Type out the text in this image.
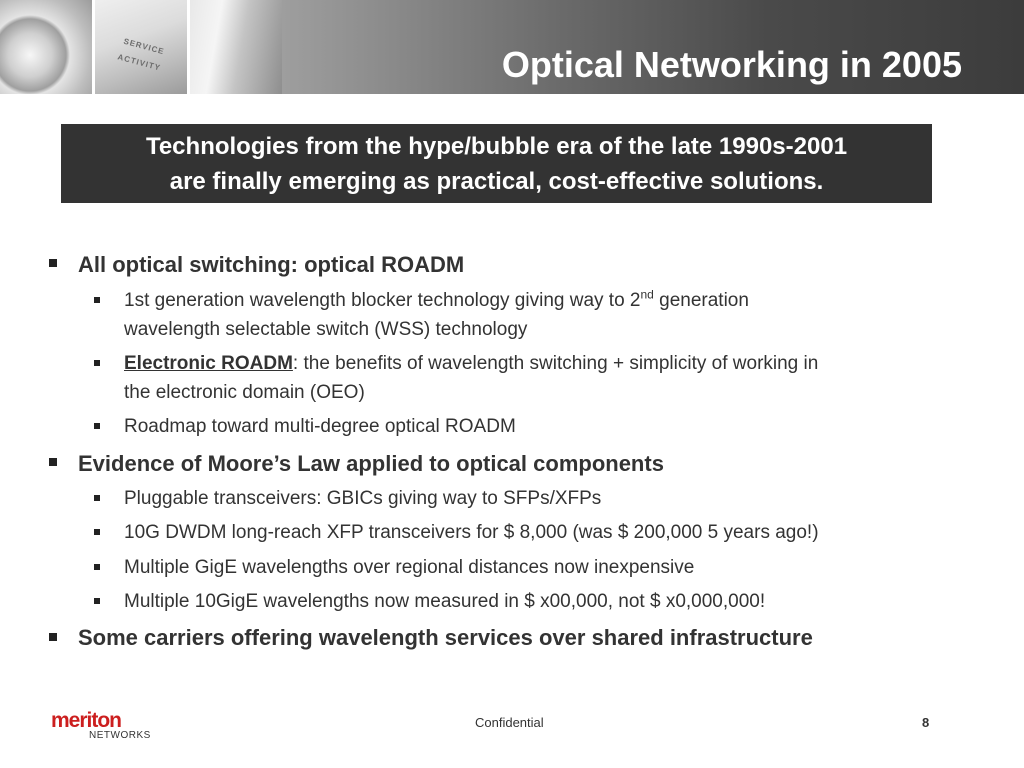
ACTIVITY
SERVICE	Optical Networking in 2005
Technologies from the hype/bubble era of the late 1990s-2001
are finally emerging as practical, cost-effective solutions.
All optical switching: optical ROADM
1st generation wavelength blocker technology giving way to 2nd generation
wavelength selectable switch (WSS) technology
Electronic ROADM: the benefits of wavelength switching + simplicity of working in
the electronic domain (OEO)
Roadmap toward multi-degree optical ROADM
Evidence of Moore’s Law applied to optical components
Pluggable transceivers: GBICs giving way to SFPs/XFPs
10G DWDM long-reach XFP transceivers for $ 8,000 (was $ 200,000 5 years ago!)
Multiple GigE wavelengths over regional distances now inexpensive
Multiple 10GigE wavelengths now measured in $ x00,000, not $ x0,000,000!
Some carriers offering wavelength services over shared infrastructure
meriton
NETWORKS
Confidential	8
